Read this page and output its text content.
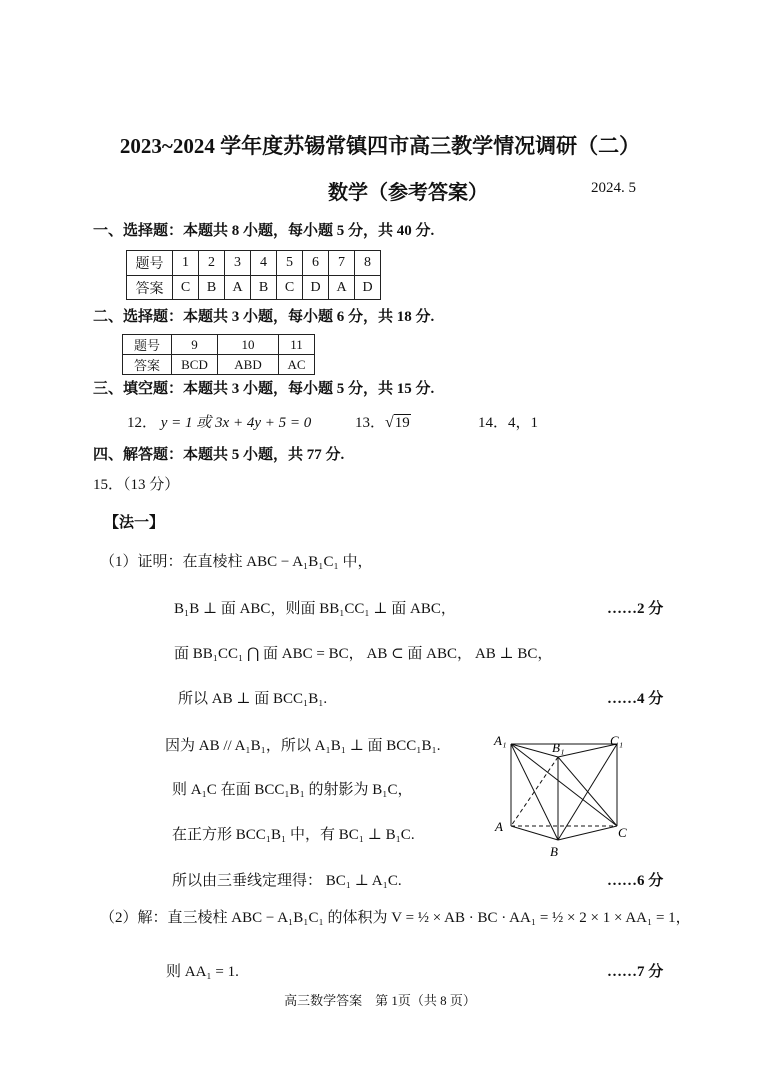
2023~2024 学年度苏锡常镇四市高三教学情况调研（二）
数学（参考答案）	2024. 5
一、选择题：本题共 8 小题，每小题 5 分，共 40 分.
题号	1	2	3	4	5	6	7	8
答案	C	B	A	B	C	D	A	D
二、选择题：本题共 3 小题，每小题 6 分，共 18 分.
题号	9	10	11
答案	BCD	ABD	AC
三、填空题：本题共 3 小题，每小题 5 分，共 15 分.
12． y = 1 或 3x + 4y + 5 = 0	13．√19	14．4，1
四、解答题：本题共 5 小题，共 77 分.
15．（13 分）
【法一】
（1）证明：在直棱柱 ABC − A₁B₁C₁ 中，
B₁B ⊥ 面 ABC，则面 BB₁CC₁ ⊥ 面 ABC，	……2 分
面 BB₁CC₁ ⋂ 面 ABC = BC， AB ⊂ 面 ABC， AB ⊥ BC，
所以 AB ⊥ 面 BCC₁B₁.	……4 分
因为 AB // A₁B₁，所以 A₁B₁ ⊥ 面 BCC₁B₁.
则 A₁C 在面 BCC₁B₁ 的射影为 B₁C，
在正方形 BCC₁B₁ 中，有 BC₁ ⊥ B₁C.
所以由三垂线定理得： BC₁ ⊥ A₁C.	……6 分
（2）解：直三棱柱 ABC − A₁B₁C₁ 的体积为 V = ½ × AB · BC · AA₁ = ½ × 2 × 1 × AA₁ = 1，
则 AA₁ = 1.	……7 分
A₁	B₁	C₁
A
B
C
高三数学答案　第 1页（共 8 页）
